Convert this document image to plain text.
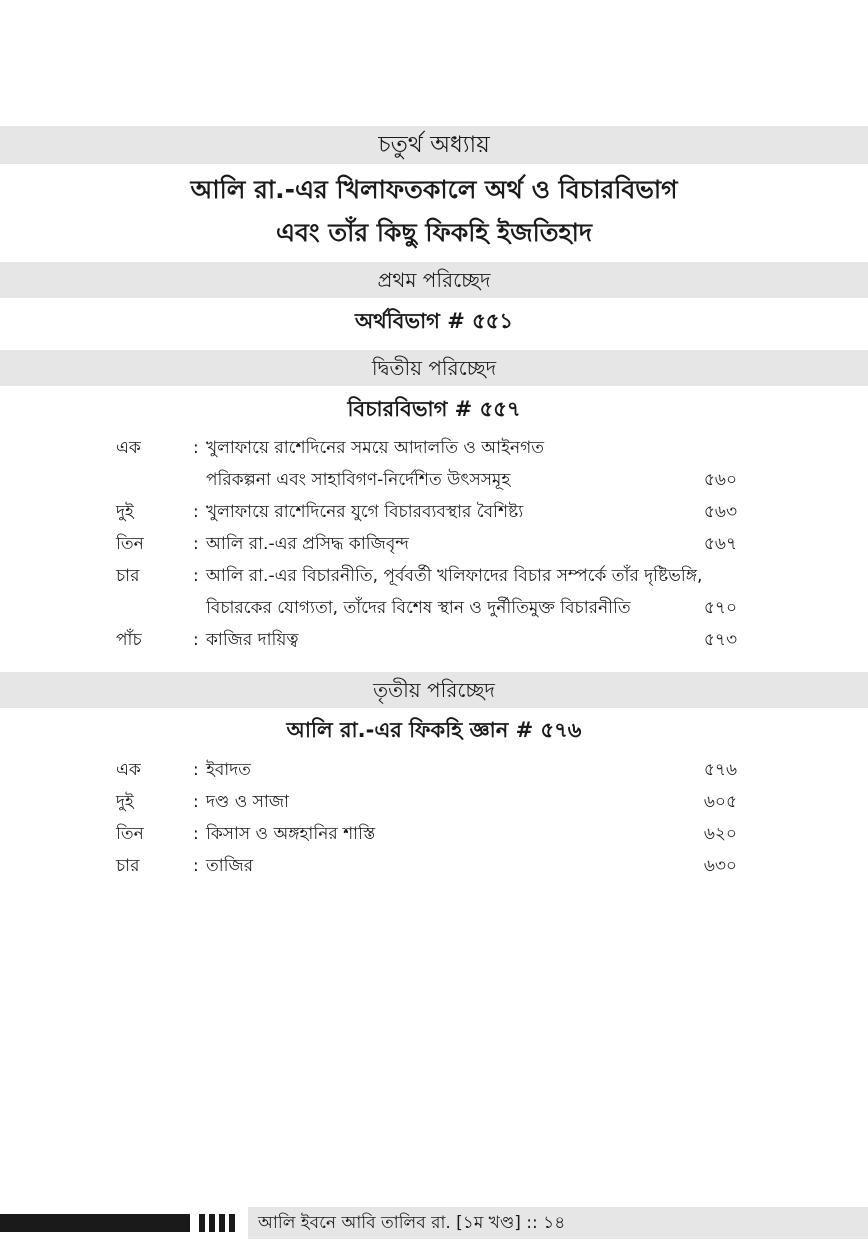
চতুর্থ অধ্যায়
আলি রা.-এর খিলাফতকালে অর্থ ও বিচারবিভাগ
এবং তাঁর কিছু ফিকহি ইজতিহাদ
প্রথম পরিচ্ছেদ
অর্থবিভাগ # ৫৫১
দ্বিতীয় পরিচ্ছেদ
বিচারবিভাগ # ৫৫৭
এক	: খুলাফায়ে রাশেদিনের সময়ে আদালতি ও আইনগত
পরিকল্পনা এবং সাহাবিগণ-নির্দেশিত উৎসসমূহ	৫৬০
দুই	: খুলাফায়ে রাশেদিনের যুগে বিচারব্যবস্থার বৈশিষ্ট্য	৫৬৩
তিন	: আলি রা.-এর প্রসিদ্ধ কাজিবৃন্দ	৫৬৭
চার	: আলি রা.-এর বিচারনীতি, পূর্ববর্তী খলিফাদের বিচার সম্পর্কে তাঁর দৃষ্টিভঙ্গি,
বিচারকের যোগ্যতা, তাঁদের বিশেষ স্থান ও দুর্নীতিমুক্ত বিচারনীতি	৫৭০
পাঁচ	: কাজির দায়িত্ব	৫৭৩
তৃতীয় পরিচ্ছেদ
আলি রা.-এর ফিকহি জ্ঞান # ৫৭৬
এক	: ইবাদত	৫৭৬
দুই	: দণ্ড ও সাজা	৬০৫
তিন	: কিসাস ও অঙ্গহানির শাস্তি	৬২০
চার	: তাজির	৬৩০
আলি ইবনে আবি তালিব রা. [১ম খণ্ড] :: ১৪
